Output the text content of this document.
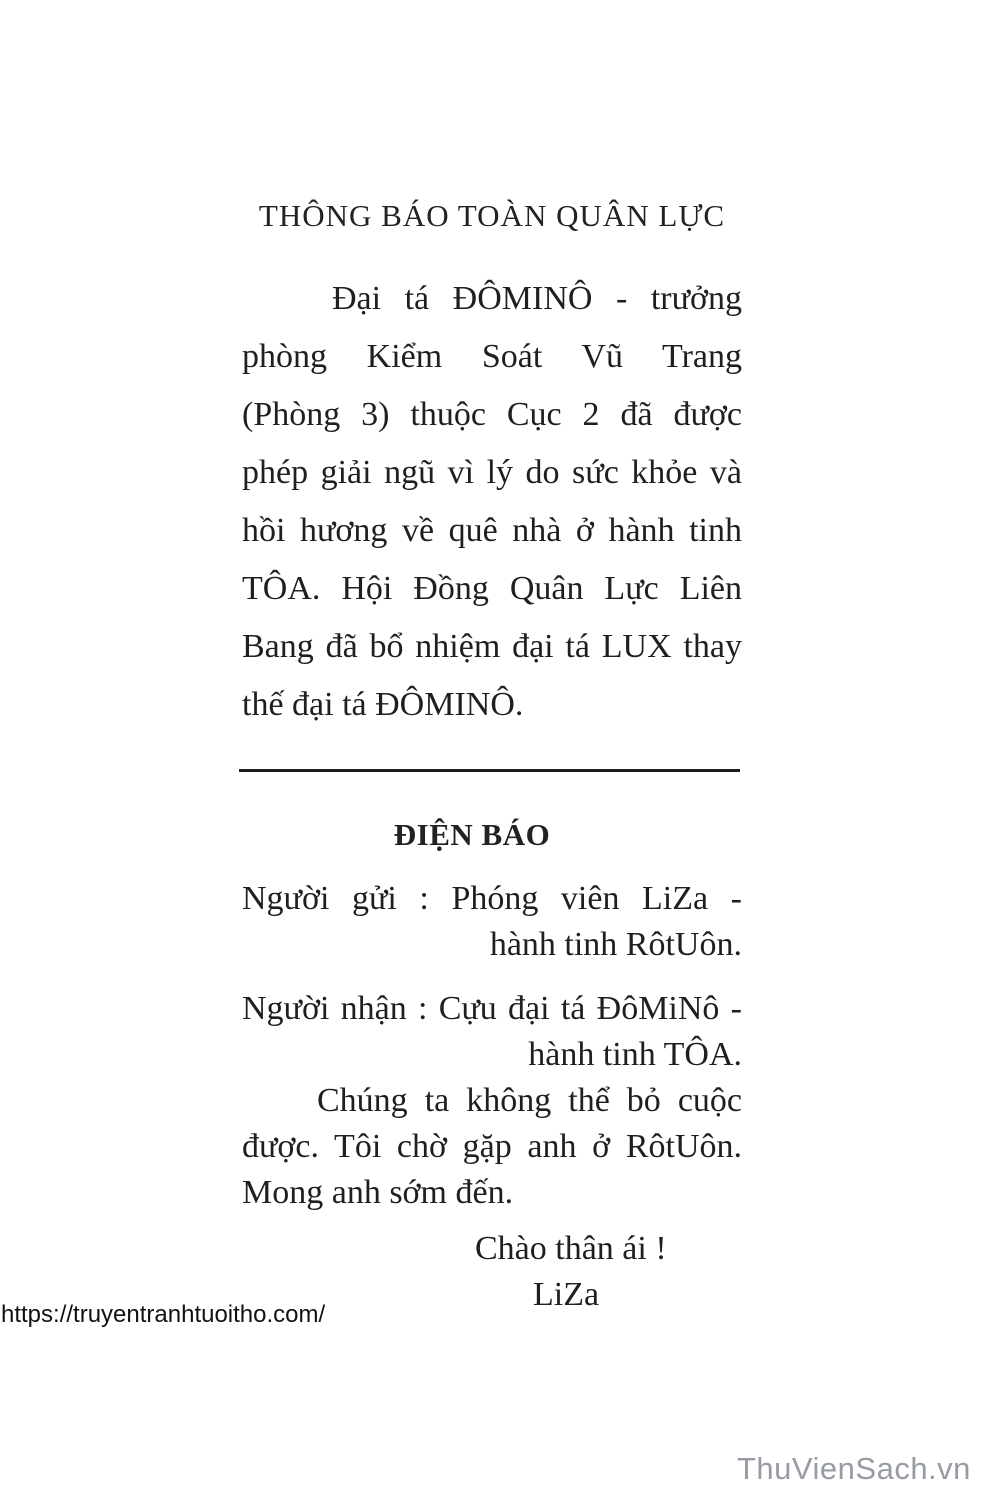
THÔNG BÁO TOÀN QUÂN LỰC
Đại tá ĐÔMINÔ - trưởng
phòng Kiểm Soát Vũ Trang
(Phòng 3) thuộc Cục 2 đã được
phép giải ngũ vì lý do sức khỏe và
hồi hương về quê nhà ở hành tinh
TÔA. Hội Đồng Quân Lực Liên
Bang đã bổ nhiệm đại tá LUX thay
thế đại tá ĐÔMINÔ.
ĐIỆN BÁO
Người gửi : Phóng viên LiZa -
hành tinh RôtUôn.
Người nhận : Cựu đại tá ĐôMiNô -
hành tinh TÔA.
Chúng ta không thể bỏ cuộc
được. Tôi chờ gặp anh ở RôtUôn.
Mong anh sớm đến.
Chào thân ái !
LiZa
https://truyentranhtuoitho.com/
ThuVienSach.vn
